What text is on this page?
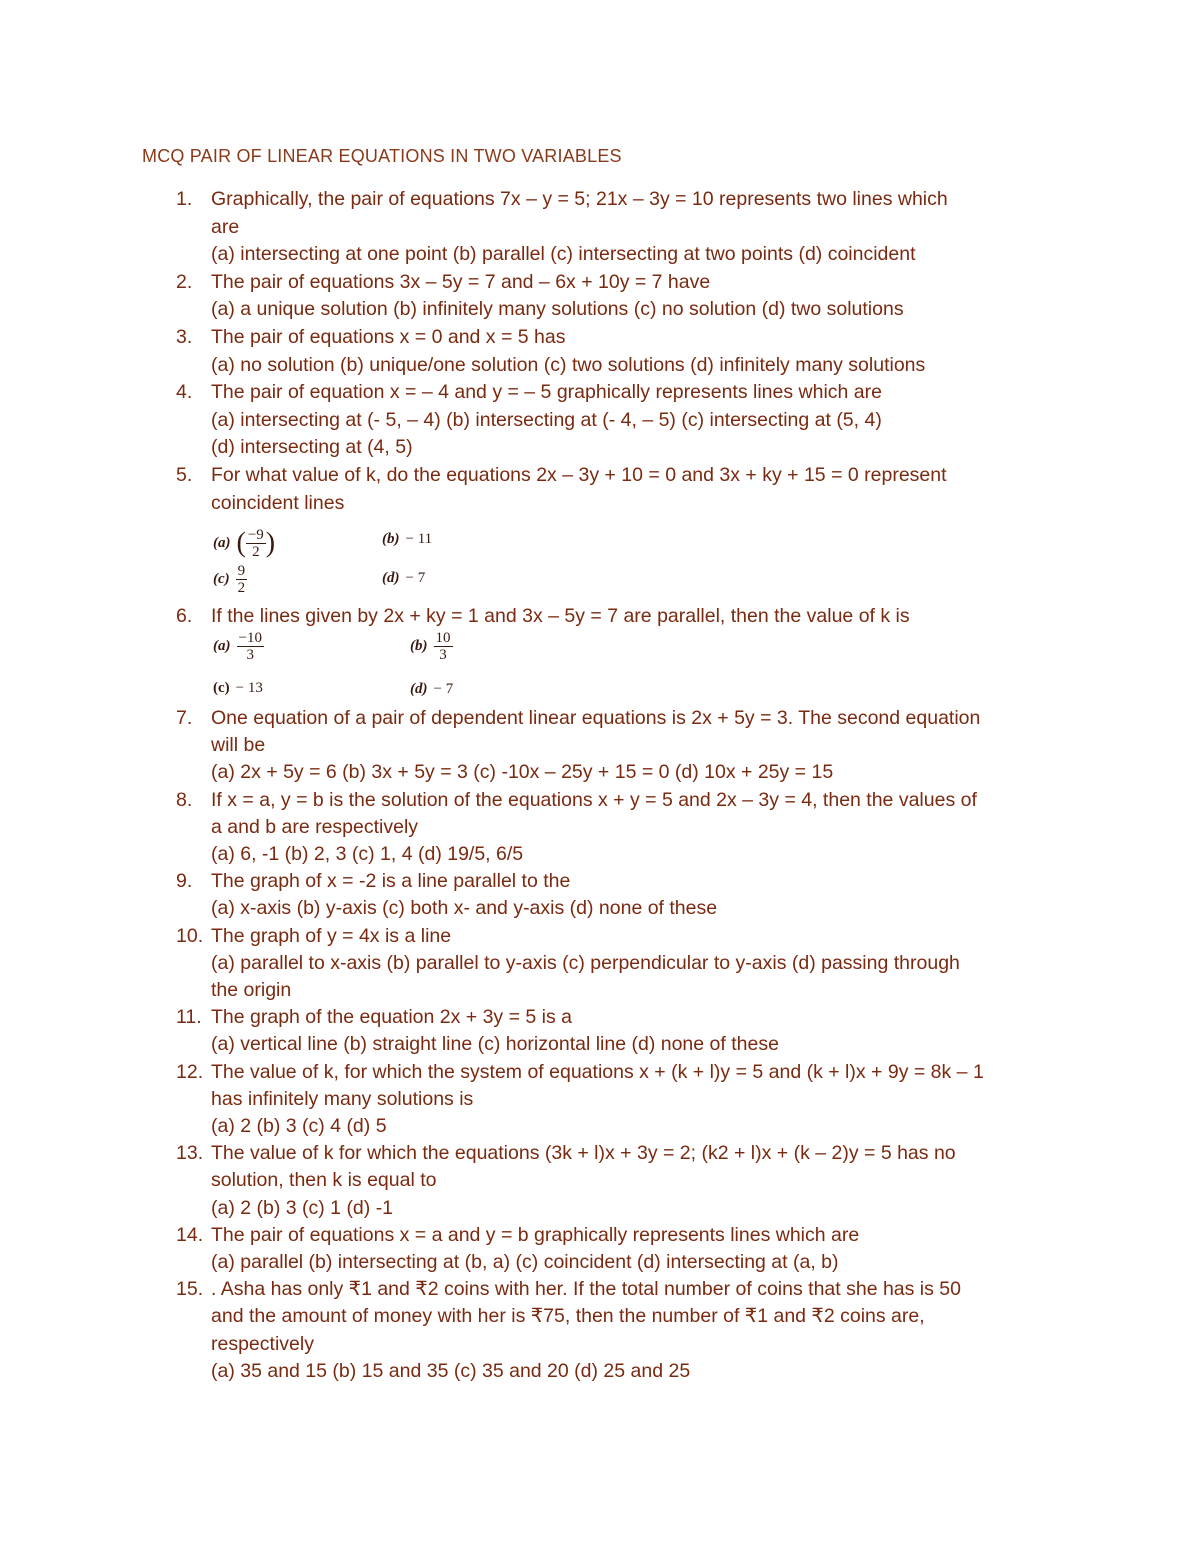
MCQ PAIR OF LINEAR EQUATIONS IN TWO VARIABLES
1. Graphically, the pair of equations 7x – y = 5; 21x – 3y = 10 represents two lines which
are
(a) intersecting at one point (b) parallel (c) intersecting at two points (d) coincident
2. The pair of equations 3x – 5y = 7 and – 6x + 10y = 7 have
(a) a unique solution (b) infinitely many solutions (c) no solution (d) two solutions
3. The pair of equations x = 0 and x = 5 has
(a) no solution (b) unique/one solution (c) two solutions (d) infinitely many solutions
4. The pair of equation x = – 4 and y = – 5 graphically represents lines which are
(a) intersecting at (- 5, – 4) (b) intersecting at (- 4, – 5) (c) intersecting at (5, 4)
(d) intersecting at (4, 5)
5. For what value of k, do the equations 2x – 3y + 10 = 0 and 3x + ky + 15 = 0 represent
coincident lines
(a) ( $\frac{-9}{2}$ )	(b) − 11
$(c) \frac{9}{2}$	(d) − 7
6. If the lines given by 2x + ky = 1 and 3x – 5y = 7 are parallel, then the value of k is
$(a) \frac{-10}{3}$	$(b) \frac{10}{3}$
(c) − 13	(d) − 7
7. One equation of a pair of dependent linear equations is 2x + 5y = 3. The second equation
will be
(a) 2x + 5y = 6 (b) 3x + 5y = 3 (c) -10x – 25y + 15 = 0 (d) 10x + 25y = 15
8. If x = a, y = b is the solution of the equations x + y = 5 and 2x – 3y = 4, then the values of
a and b are respectively
(a) 6, -1 (b) 2, 3 (c) 1, 4 (d) 19/5, 6/5
9. The graph of x = -2 is a line parallel to the
(a) x-axis (b) y-axis (c) both x- and y-axis (d) none of these
10. The graph of y = 4x is a line
(a) parallel to x-axis (b) parallel to y-axis (c) perpendicular to y-axis (d) passing through
the origin
11. The graph of the equation 2x + 3y = 5 is a
(a) vertical line (b) straight line (c) horizontal line (d) none of these
12. The value of k, for which the system of equations x + (k + l)y = 5 and (k + l)x + 9y = 8k – 1
has infinitely many solutions is
(a) 2 (b) 3 (c) 4 (d) 5
13. The value of k for which the equations (3k + l)x + 3y = 2; (k2 + l)x + (k – 2)y = 5 has no
solution, then k is equal to
(a) 2 (b) 3 (c) 1 (d) -1
14. The pair of equations x = a and y = b graphically represents lines which are
(a) parallel (b) intersecting at (b, a) (c) coincident (d) intersecting at (a, b)
15. . Asha has only ₹1 and ₹2 coins with her. If the total number of coins that she has is 50
and the amount of money with her is ₹75, then the number of ₹1 and ₹2 coins are,
respectively
(a) 35 and 15 (b) 15 and 35 (c) 35 and 20 (d) 25 and 25
